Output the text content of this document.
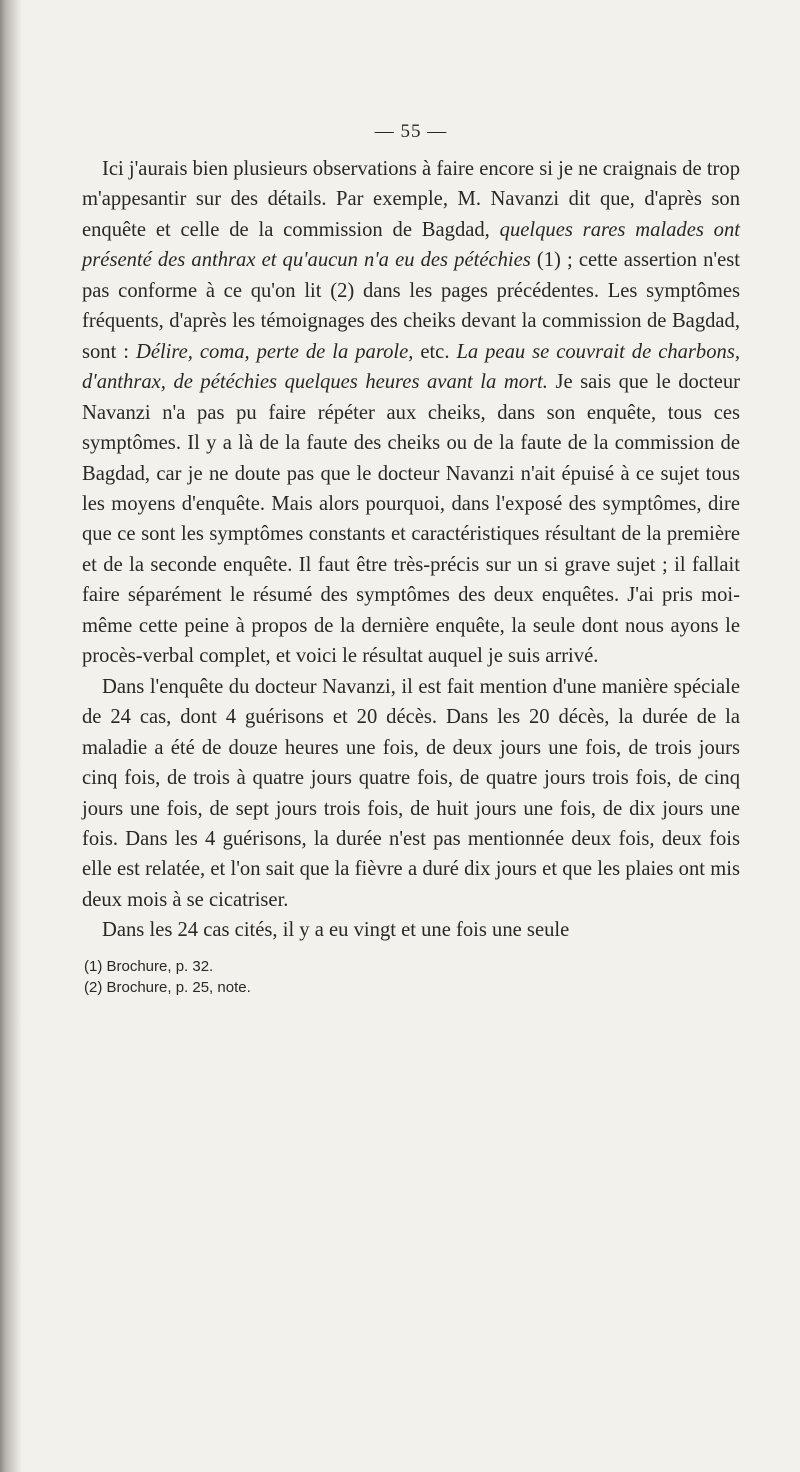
— 55 —

Ici j'aurais bien plusieurs observations à faire encore si je ne craignais de trop m'appesantir sur des détails. Par exemple, M. Navanzi dit que, d'après son enquête et celle de la commission de Bagdad, quelques rares malades ont présenté des anthrax et qu'aucun n'a eu des pétéchies (1) ; cette assertion n'est pas conforme à ce qu'on lit (2) dans les pages précédentes. Les symptômes fréquents, d'après les témoignages des cheiks devant la commission de Bagdad, sont : Délire, coma, perte de la parole, etc. La peau se couvrait de charbons, d'anthrax, de pétéchies quelques heures avant la mort. Je sais que le docteur Navanzi n'a pas pu faire répéter aux cheiks, dans son enquête, tous ces symptômes. Il y a là de la faute des cheiks ou de la faute de la commission de Bagdad, car je ne doute pas que le docteur Navanzi n'ait épuisé à ce sujet tous les moyens d'enquête. Mais alors pourquoi, dans l'exposé des symptômes, dire que ce sont les symptômes constants et caractéristiques résultant de la première et de la seconde enquête. Il faut être très-précis sur un si grave sujet ; il fallait faire séparément le résumé des symptômes des deux enquêtes. J'ai pris moi-même cette peine à propos de la dernière enquête, la seule dont nous ayons le procès-verbal complet, et voici le résultat auquel je suis arrivé.

Dans l'enquête du docteur Navanzi, il est fait mention d'une manière spéciale de 24 cas, dont 4 guérisons et 20 décès. Dans les 20 décès, la durée de la maladie a été de douze heures une fois, de deux jours une fois, de trois jours cinq fois, de trois à quatre jours quatre fois, de quatre jours trois fois, de cinq jours une fois, de sept jours trois fois, de huit jours une fois, de dix jours une fois. Dans les 4 guérisons, la durée n'est pas mentionnée deux fois, deux fois elle est relatée, et l'on sait que la fièvre a duré dix jours et que les plaies ont mis deux mois à se cicatriser.

Dans les 24 cas cités, il y a eu vingt et une fois une seule

(1) Brochure, p. 32.

(2) Brochure, p. 25, note.
